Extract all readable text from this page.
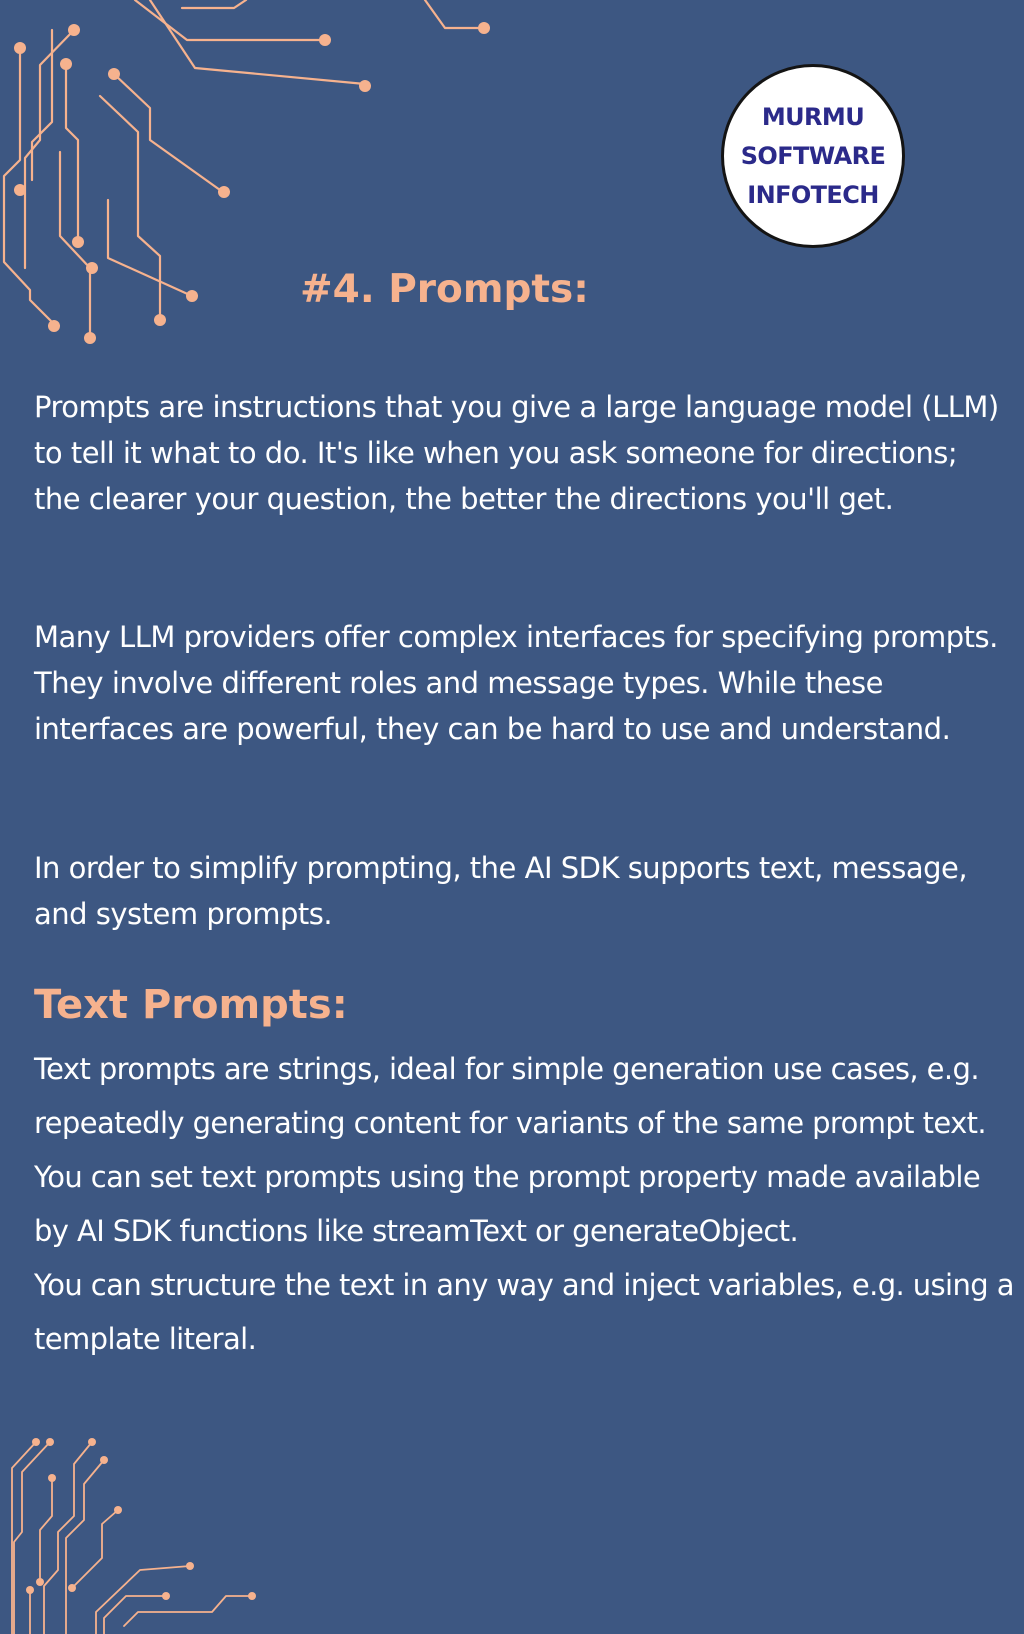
MURMU
SOFTWARE
INFOTECH
#4. Prompts:

Prompts are instructions that you give a large language model (LLM) to tell it what to do. It's like when you ask someone for directions; the clearer your question, the better the directions you'll get.

Many LLM providers offer complex interfaces for specifying prompts. They involve different roles and message types. While these interfaces are powerful, they can be hard to use and understand.

In order to simplify prompting, the AI SDK supports text, message, and system prompts.

Text Prompts:

Text prompts are strings, ideal for simple generation use cases, e.g. repeatedly generating content for variants of the same prompt text.

You can set text prompts using the prompt property made available by AI SDK functions like streamText or generateObject.

You can structure the text in any way and inject variables, e.g. using a template literal.
